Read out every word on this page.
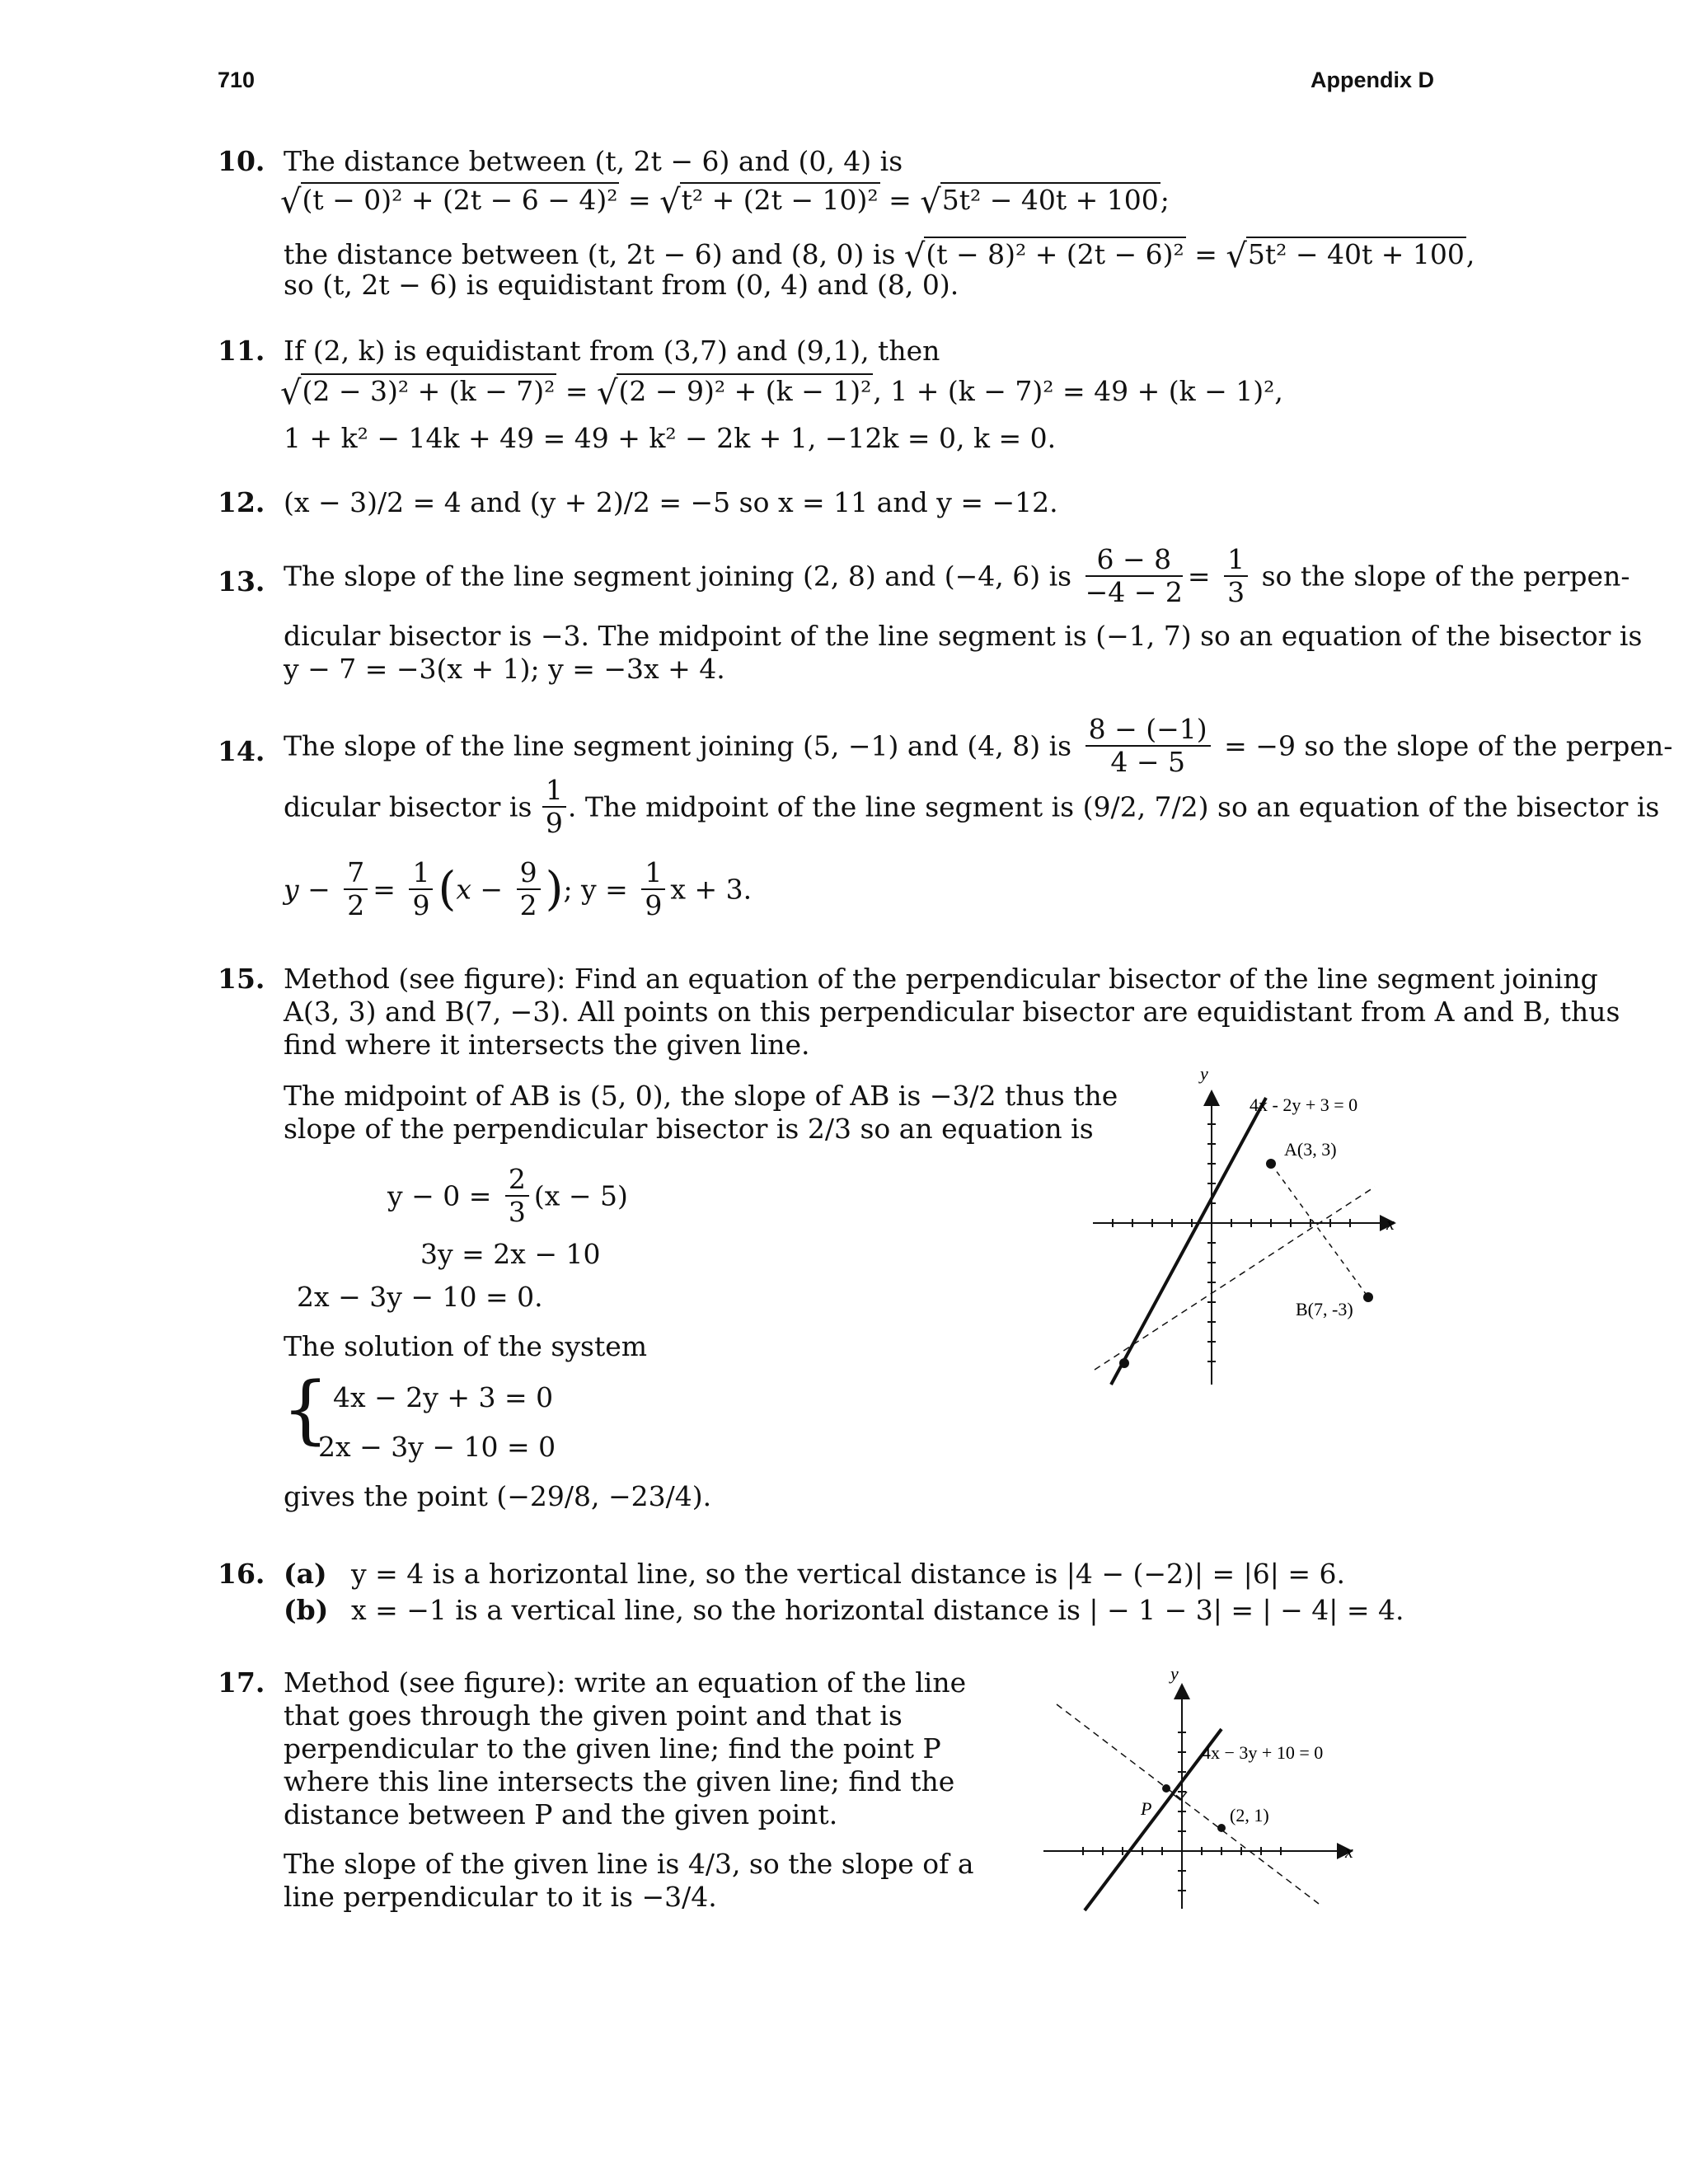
710	Appendix D
10. The distance between (t, 2t − 6) and (0, 4) is
√(t − 0)² + (2t − 6 − 4)² = √t² + (2t − 10)² = √5t² − 40t + 100;
the distance between (t, 2t − 6) and (8, 0) is √(t − 8)² + (2t − 6)² = √5t² − 40t + 100,
so (t, 2t − 6) is equidistant from (0, 4) and (8, 0).
11. If (2, k) is equidistant from (3,7) and (9,1), then
√(2 − 3)² + (k − 7)² = √(2 − 9)² + (k − 1)², 1 + (k − 7)² = 49 + (k − 1)²,
1 + k² − 14k + 49 = 49 + k² − 2k + 1, −12k = 0, k = 0.
12. (x − 3)/2 = 4 and (y + 2)/2 = −5 so x = 11 and y = −12.
13. The slope of the line segment joining (2, 8) and (−4, 6) is $\frac{6 - 8}{-4 - 2} = \frac{1}{3}$ so the slope of the perpen-
dicular bisector is −3. The midpoint of the line segment is (−1, 7) so an equation of the bisector is
y − 7 = −3(x + 1); y = −3x + 4.
14. The slope of the line segment joining (5, −1) and (4, 8) is $\frac{8 - (-1)}{4 - 5} = -9$ so the slope of the perpen-
dicular bisector is $\frac{1}{9}$ . The midpoint of the line segment is (9/2, 7/2) so an equation of the bisector is
$y - \frac{7}{2} = \frac{1}{9} (x - \frac{9}{2}$ ); $y = \frac{1}{9}$ x + 3.
15. Method (see figure): Find an equation of the perpendicular bisector of the line segment joining
A(3, 3) and B(7, −3). All points on this perpendicular bisector are equidistant from A and B, thus
find where it intersects the given line.
The midpoint of AB is (5, 0), the slope of AB is −3/2 thus the
slope of the perpendicular bisector is 2/3 so an equation is
$y - 0 = \frac{2}{3} (x - 5)$
3y = 2x − 10
2x − 3y − 10 = 0.
The solution of the system
{ 4x − 2y + 3 = 0
2x − 3y − 10 = 0
gives the point (−29/8, −23/4).
y
x
4x - 2y + 3 = 0
A(3, 3)
B(7, -3)
16. (a) y = 4 is a horizontal line, so the vertical distance is |4 − (−2)| = |6| = 6.
(b) x = −1 is a vertical line, so the horizontal distance is | − 1 − 3| = | − 4| = 4.
17. Method (see figure): write an equation of the line
that goes through the given point and that is
perpendicular to the given line; find the point P
where this line intersects the given line; find the
distance between P and the given point.
The slope of the given line is 4/3, so the slope of a
line perpendicular to it is −3/4.
y
x
4x − 3y + 10 = 0
P	(2, 1)
